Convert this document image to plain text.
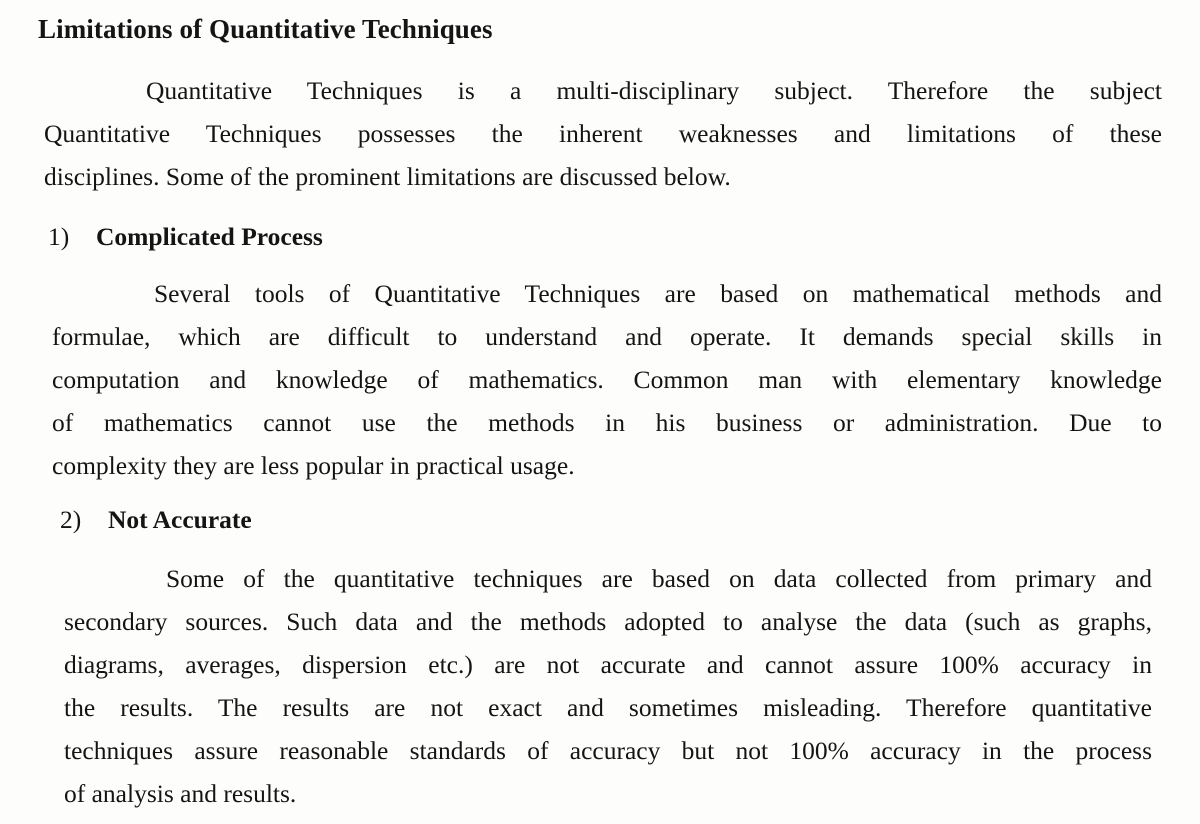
Limitations of Quantitative Techniques
Quantitative Techniques is a multi-disciplinary subject. Therefore the subject
Quantitative Techniques possesses the inherent weaknesses and limitations of these
disciplines. Some of the prominent limitations are discussed below.
1) Complicated Process
Several tools of Quantitative Techniques are based on mathematical methods and
formulae, which are difficult to understand and operate. It demands special skills in
computation and knowledge of mathematics. Common man with elementary knowledge
of mathematics cannot use the methods in his business or administration. Due to
complexity they are less popular in practical usage.
2) Not Accurate
Some of the quantitative techniques are based on data collected from primary and
secondary sources. Such data and the methods adopted to analyse the data (such as graphs,
diagrams, averages, dispersion etc.) are not accurate and cannot assure 100% accuracy in
the results. The results are not exact and sometimes misleading. Therefore quantitative
techniques assure reasonable standards of accuracy but not 100% accuracy in the process
of analysis and results.
